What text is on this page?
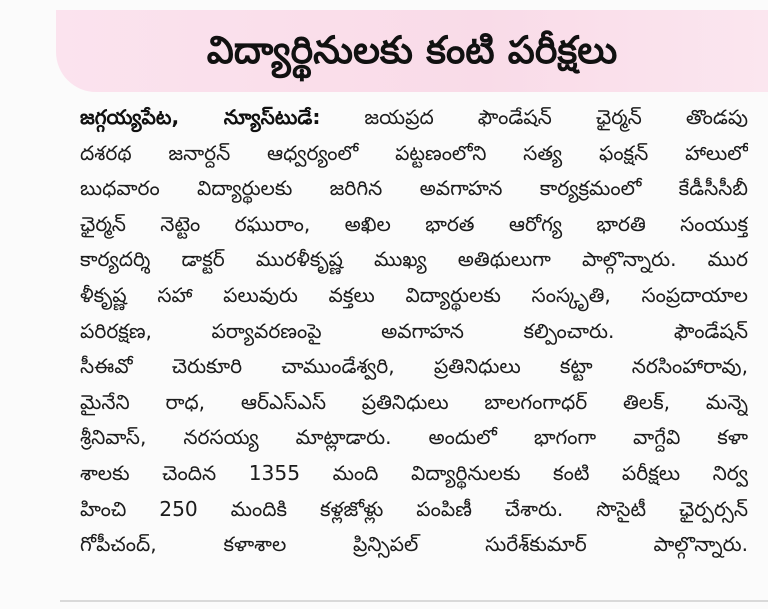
విద్యార్థినులకు కంటి పరీక్షలు
జగ్గయ్యపేట, న్యూస్‌టుడే: జయప్రద ఫౌండేషన్ ఛైర్మన్ తొండపు
దశరథ జనార్దన్ ఆధ్వర్యంలో పట్టణంలోని సత్య ఫంక్షన్ హాలులో
బుధవారం విద్యార్థులకు జరిగిన అవగాహన కార్యక్రమంలో కేడీసీసీబీ
ఛైర్మన్ నెట్టెం రఘురాం, అఖిల భారత ఆరోగ్య భారతి సంయుక్త
కార్యదర్శి డాక్టర్ మురళీకృష్ణ ముఖ్య అతిథులుగా పాల్గొన్నారు. ముర
ళీకృష్ణ సహా పలువురు వక్తలు విద్యార్థులకు సంస్కృతి, సంప్రదాయాల
పరిరక్షణ, పర్యావరణంపై అవగాహన కల్పించారు. ఫౌండేషన్
సీఈవో చెరుకూరి చాముండేశ్వరి, ప్రతినిధులు కట్టా నరసింహారావు,
మైనేని రాధ, ఆర్ఎస్ఎస్ ప్రతినిధులు బాలగంగాధర్ తిలక్, మన్నె
శ్రీనివాస్, నరసయ్య మాట్లాడారు. అందులో భాగంగా వాగ్దేవి కళా
శాలకు చెందిన 1355 మంది విద్యార్థినులకు కంటి పరీక్షలు నిర్వ
హించి 250 మందికి కళ్లజోళ్లు పంపిణీ చేశారు. సొసైటీ ఛైర్పర్సన్
గోపీచంద్, కళాశాల ప్రిన్సిపల్ సురేశ్‌కుమార్ పాల్గొన్నారు.
